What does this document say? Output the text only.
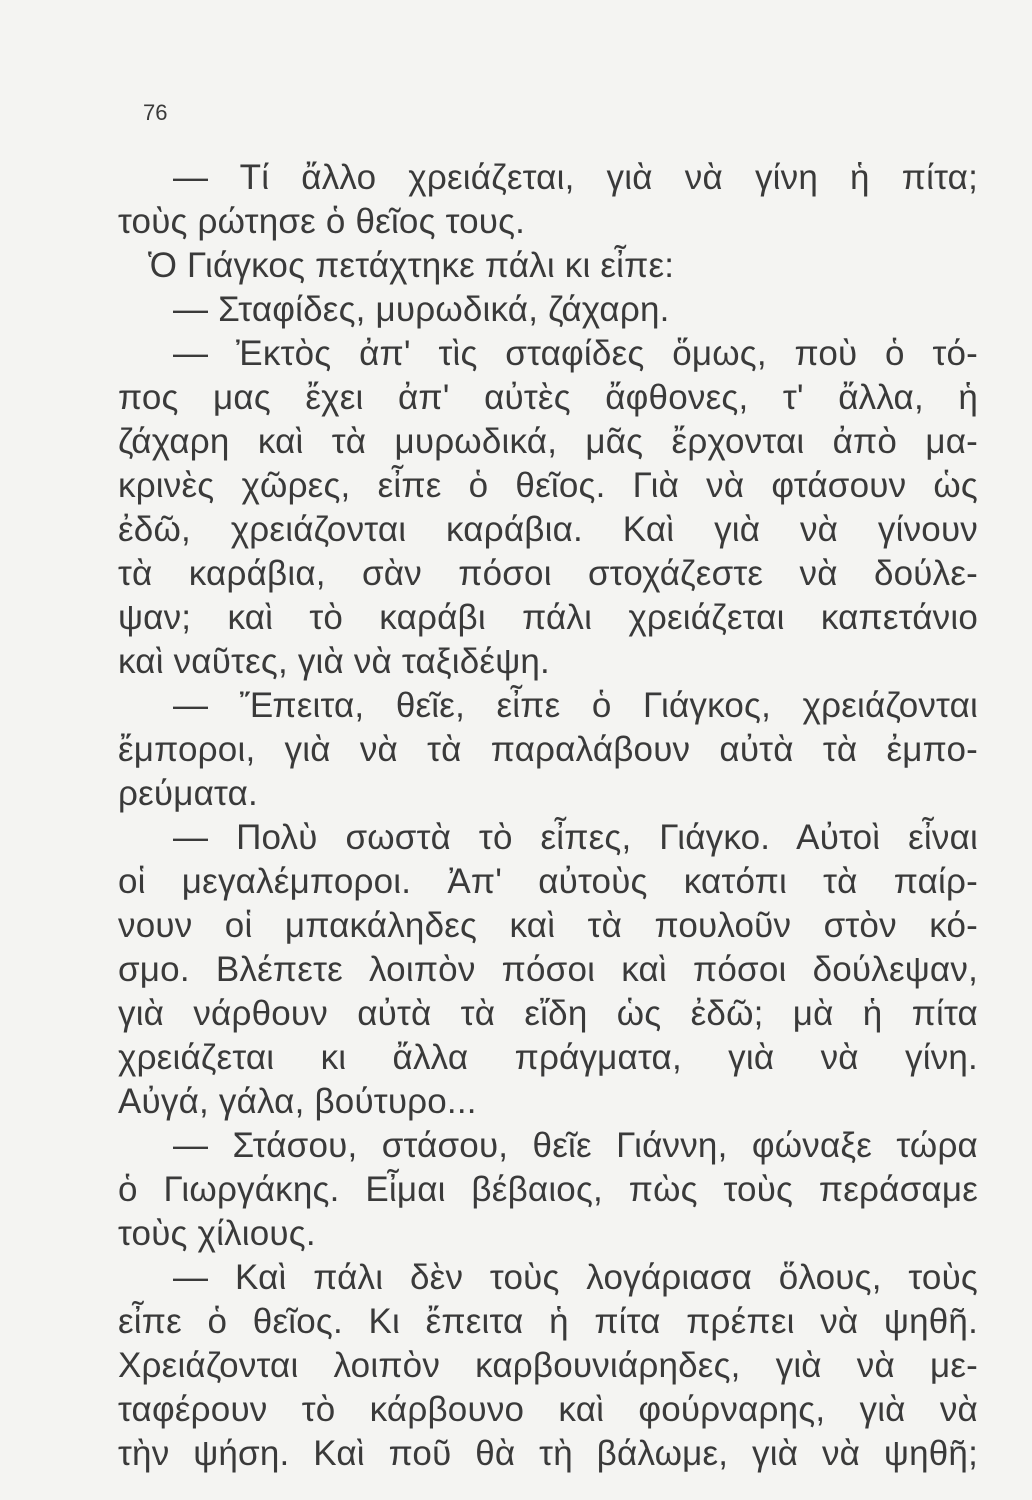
76
— Τί ἄλλο χρειάζεται, γιὰ νὰ γίνη ἡ πίτα;
τοὺς ρώτησε ὁ θεῖος τους.
Ὁ Γιάγκος πετάχτηκε πάλι κι εἶπε:
— Σταφίδες, μυρωδικά, ζάχαρη.
— Ἐκτὸς ἀπ' τὶς σταφίδες ὅμως, ποὺ ὁ τό-
πος μας ἔχει ἀπ' αὐτὲς ἄφθονες, τ' ἄλλα, ἡ
ζάχαρη καὶ τὰ μυρωδικά, μᾶς ἔρχονται ἀπὸ μα-
κρινὲς χῶρες, εἶπε ὁ θεῖος. Γιὰ νὰ φτάσουν ὡς
ἐδῶ, χρειάζονται καράβια. Καὶ γιὰ νὰ γίνουν
τὰ καράβια, σὰν πόσοι στοχάζεστε νὰ δούλε-
ψαν; καὶ τὸ καράβι πάλι χρειάζεται καπετάνιο
καὶ ναῦτες, γιὰ νὰ ταξιδέψη.
— Ἔπειτα, θεῖε, εἶπε ὁ Γιάγκος, χρειάζονται
ἔμποροι, γιὰ νὰ τὰ παραλάβουν αὐτὰ τὰ ἐμπο-
ρεύματα.
— Πολὺ σωστὰ τὸ εἶπες, Γιάγκο. Αὐτοὶ εἶναι
οἱ μεγαλέμποροι. Ἀπ' αὐτοὺς κατόπι τὰ παίρ-
νουν οἱ μπακάληδες καὶ τὰ πουλοῦν στὸν κό-
σμο. Βλέπετε λοιπὸν πόσοι καὶ πόσοι δούλεψαν,
γιὰ νάρθουν αὐτὰ τὰ εἴδη ὡς ἐδῶ; μὰ ἡ πίτα
χρειάζεται κι ἄλλα πράγματα, γιὰ νὰ γίνη.
Αὐγά, γάλα, βούτυρο...
— Στάσου, στάσου, θεῖε Γιάννη, φώναξε τώρα
ὁ Γιωργάκης. Εἶμαι βέβαιος, πὼς τοὺς περάσαμε
τοὺς χίλιους.
— Καὶ πάλι δὲν τοὺς λογάριασα ὅλους, τοὺς
εἶπε ὁ θεῖος. Κι ἔπειτα ἡ πίτα πρέπει νὰ ψηθῆ.
Χρειάζονται λοιπὸν καρβουνιάρηδες, γιὰ νὰ με-
ταφέρουν τὸ κάρβουνο καὶ φούρναρης, γιὰ νὰ
τὴν ψήση. Καὶ ποῦ θὰ τὴ βάλωμε, γιὰ νὰ ψηθῆ;
